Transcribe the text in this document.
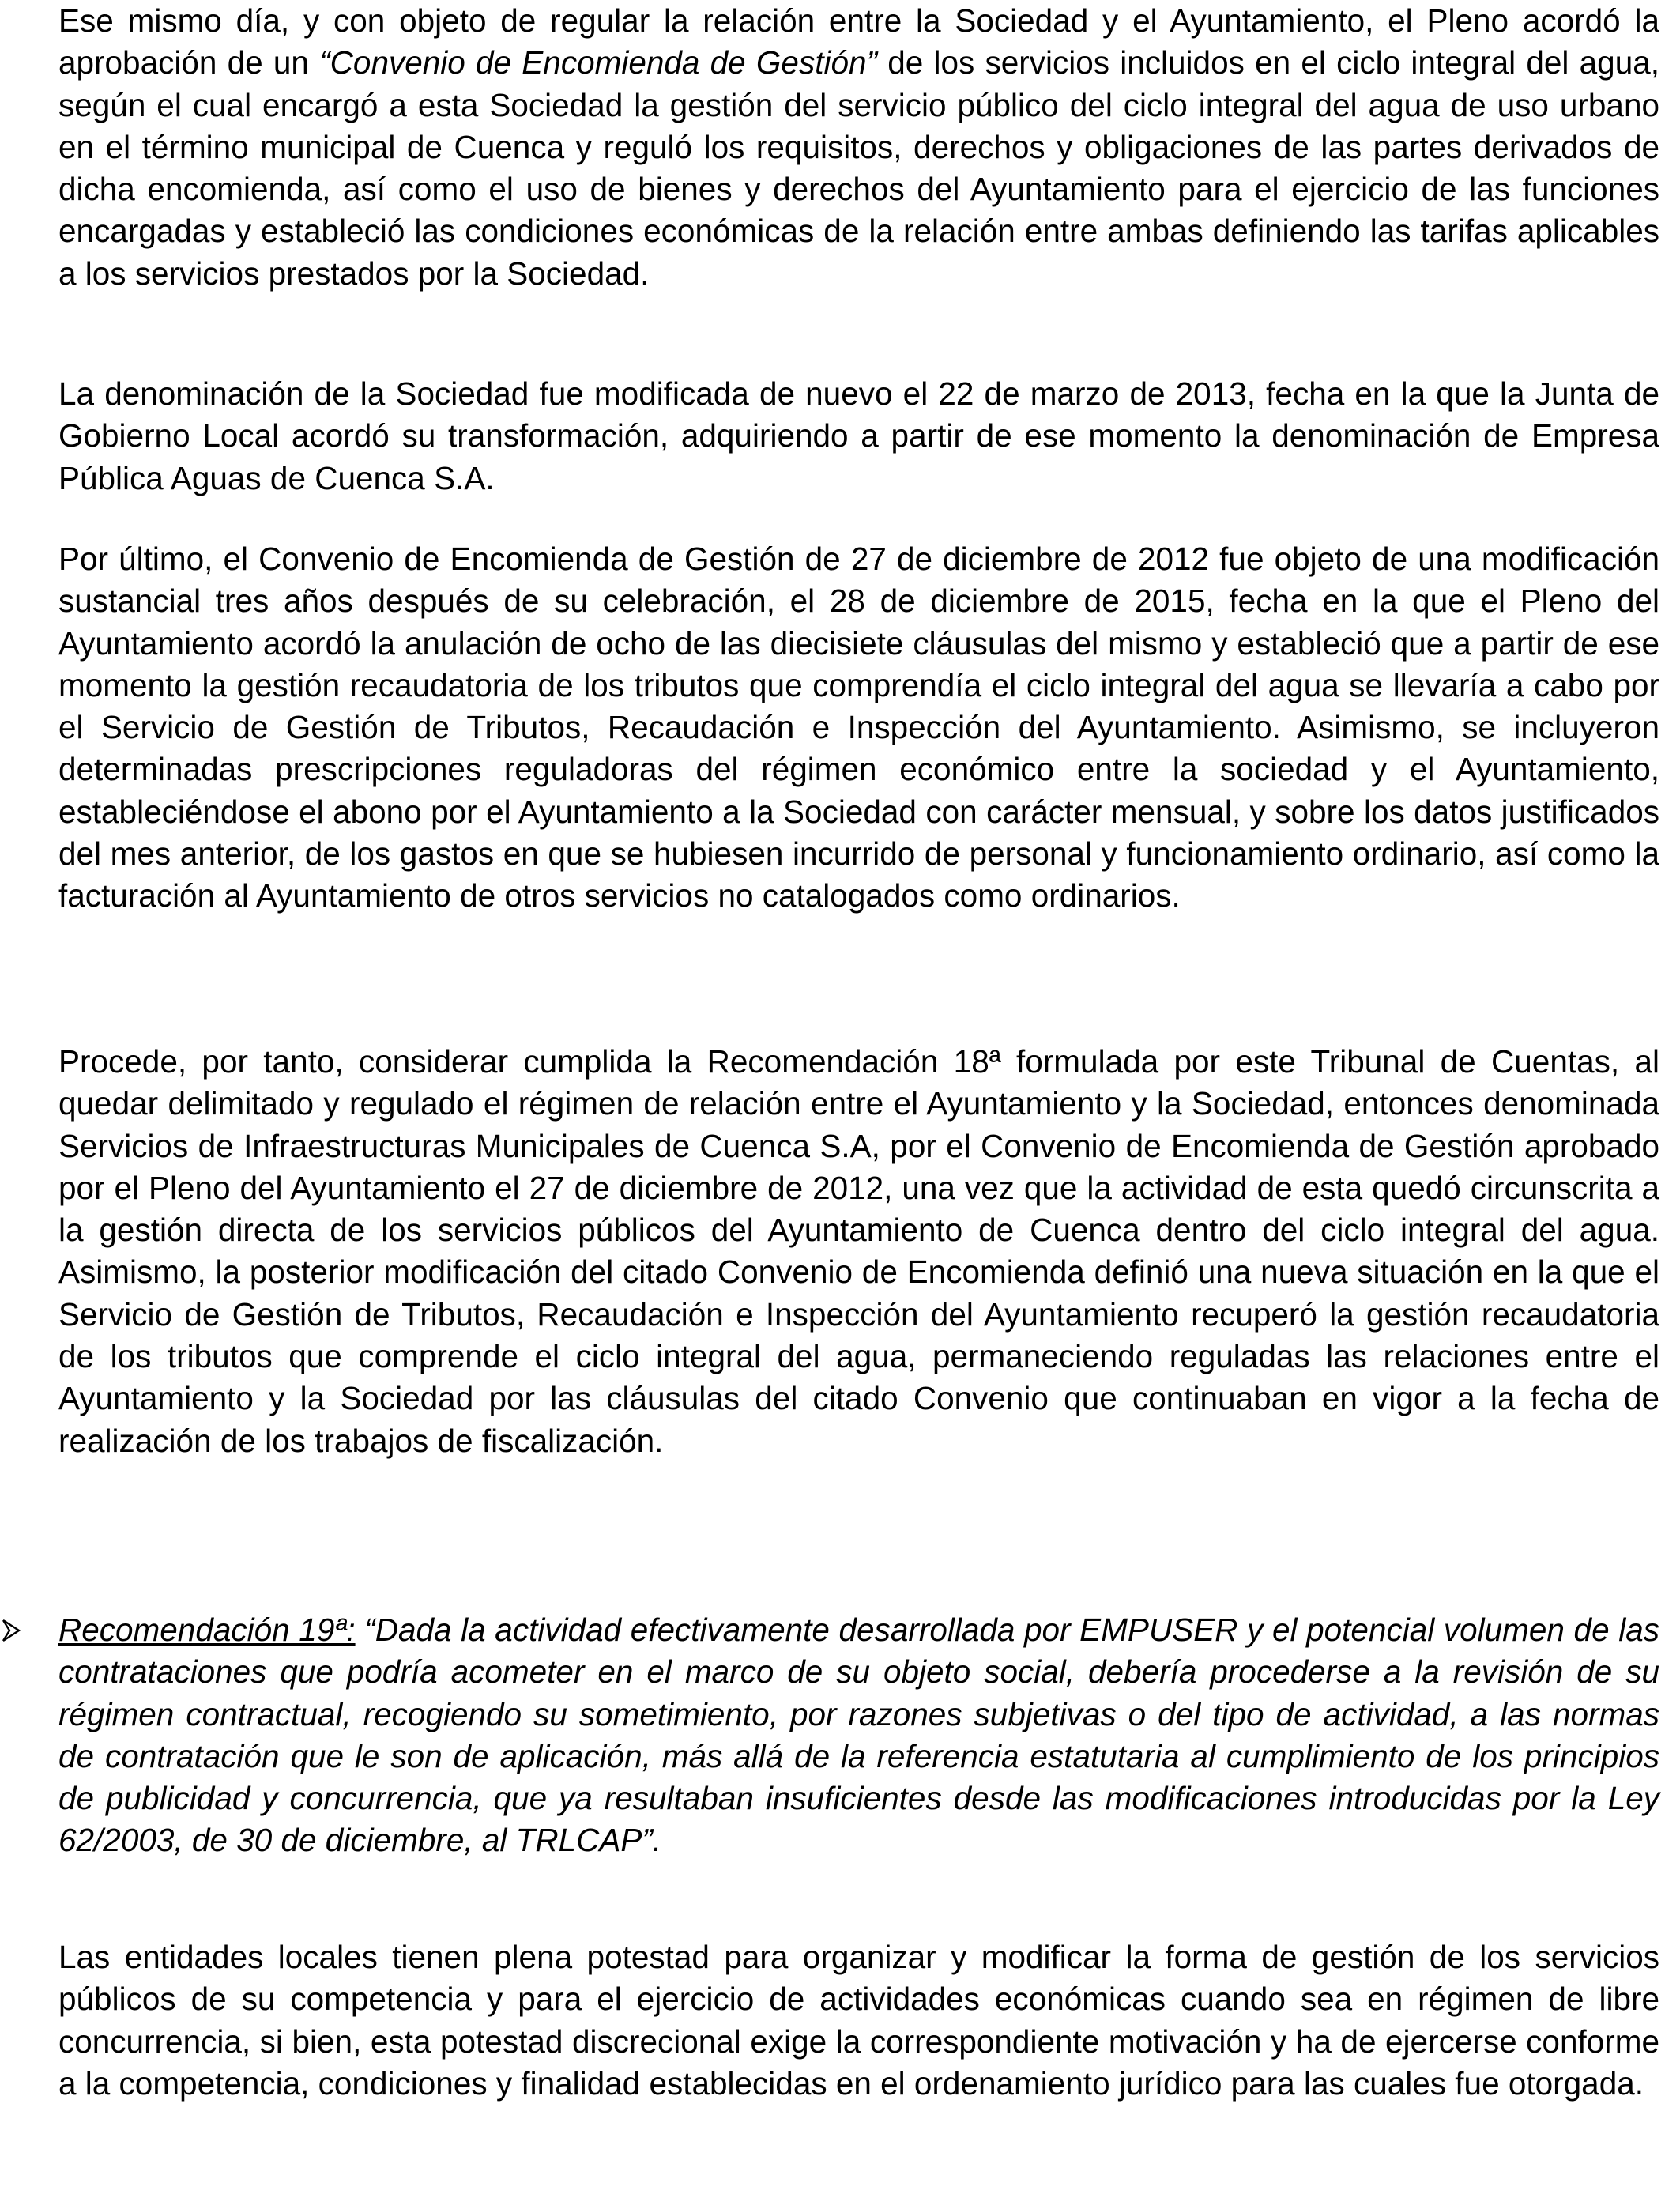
Ese mismo día, y con objeto de regular la relación entre la Sociedad y el Ayuntamiento, el Pleno acordó la aprobación de un “Convenio de Encomienda de Gestión” de los servicios incluidos en el ciclo integral del agua, según el cual encargó a esta Sociedad la gestión del servicio público del ciclo integral del agua de uso urbano en el término municipal de Cuenca y reguló los requisitos, derechos y obligaciones de las partes derivados de dicha encomienda, así como el uso de bienes y derechos del Ayuntamiento para el ejercicio de las funciones encargadas y estableció las condiciones económicas de la relación entre ambas definiendo las tarifas aplicables a los servicios prestados por la Sociedad.

La denominación de la Sociedad fue modificada de nuevo el 22 de marzo de 2013, fecha en la que la Junta de Gobierno Local acordó su transformación, adquiriendo a partir de ese momento la denominación de Empresa Pública Aguas de Cuenca S.A.

Por último, el Convenio de Encomienda de Gestión de 27 de diciembre de 2012 fue objeto de una modificación sustancial tres años después de su celebración, el 28 de diciembre de 2015, fecha en la que el Pleno del Ayuntamiento acordó la anulación de ocho de las diecisiete cláusulas del mismo y estableció que a partir de ese momento la gestión recaudatoria de los tributos que comprendía el ciclo integral del agua se llevaría a cabo por el Servicio de Gestión de Tributos, Recaudación e Inspección del Ayuntamiento. Asimismo, se incluyeron determinadas prescripciones reguladoras del régimen económico entre la sociedad y el Ayuntamiento, estableciéndose el abono por el Ayuntamiento a la Sociedad con carácter mensual, y sobre los datos justificados del mes anterior, de los gastos en que se hubiesen incurrido de personal y funcionamiento ordinario, así como la facturación al Ayuntamiento de otros servicios no catalogados como ordinarios.

Procede, por tanto, considerar cumplida la Recomendación 18ª formulada por este Tribunal de Cuentas, al quedar delimitado y regulado el régimen de relación entre el Ayuntamiento y la Sociedad, entonces denominada Servicios de Infraestructuras Municipales de Cuenca S.A, por el Convenio de Encomienda de Gestión aprobado por el Pleno del Ayuntamiento el 27 de diciembre de 2012, una vez que la actividad de esta quedó circunscrita a la gestión directa de los servicios públicos del Ayuntamiento de Cuenca dentro del ciclo integral del agua. Asimismo, la posterior modificación del citado Convenio de Encomienda definió una nueva situación en la que el Servicio de Gestión de Tributos, Recaudación e Inspección del Ayuntamiento recuperó la gestión recaudatoria de los tributos que comprende el ciclo integral del agua, permaneciendo reguladas las relaciones entre el Ayuntamiento y la Sociedad por las cláusulas del citado Convenio que continuaban en vigor a la fecha de realización de los trabajos de fiscalización.

Recomendación 19ª: “Dada la actividad efectivamente desarrollada por EMPUSER y el potencial volumen de las contrataciones que podría acometer en el marco de su objeto social, debería procederse a la revisión de su régimen contractual, recogiendo su sometimiento, por razones subjetivas o del tipo de actividad, a las normas de contratación que le son de aplicación, más allá de la referencia estatutaria al cumplimiento de los principios de publicidad y concurrencia, que ya resultaban insuficientes desde las modificaciones introducidas por la Ley 62/2003, de 30 de diciembre, al TRLCAP”.

Las entidades locales tienen plena potestad para organizar y modificar la forma de gestión de los servicios públicos de su competencia y para el ejercicio de actividades económicas cuando sea en régimen de libre concurrencia, si bien, esta potestad discrecional exige la correspondiente motivación y ha de ejercerse conforme a la competencia, condiciones y finalidad establecidas en el ordenamiento jurídico para las cuales fue otorgada.
